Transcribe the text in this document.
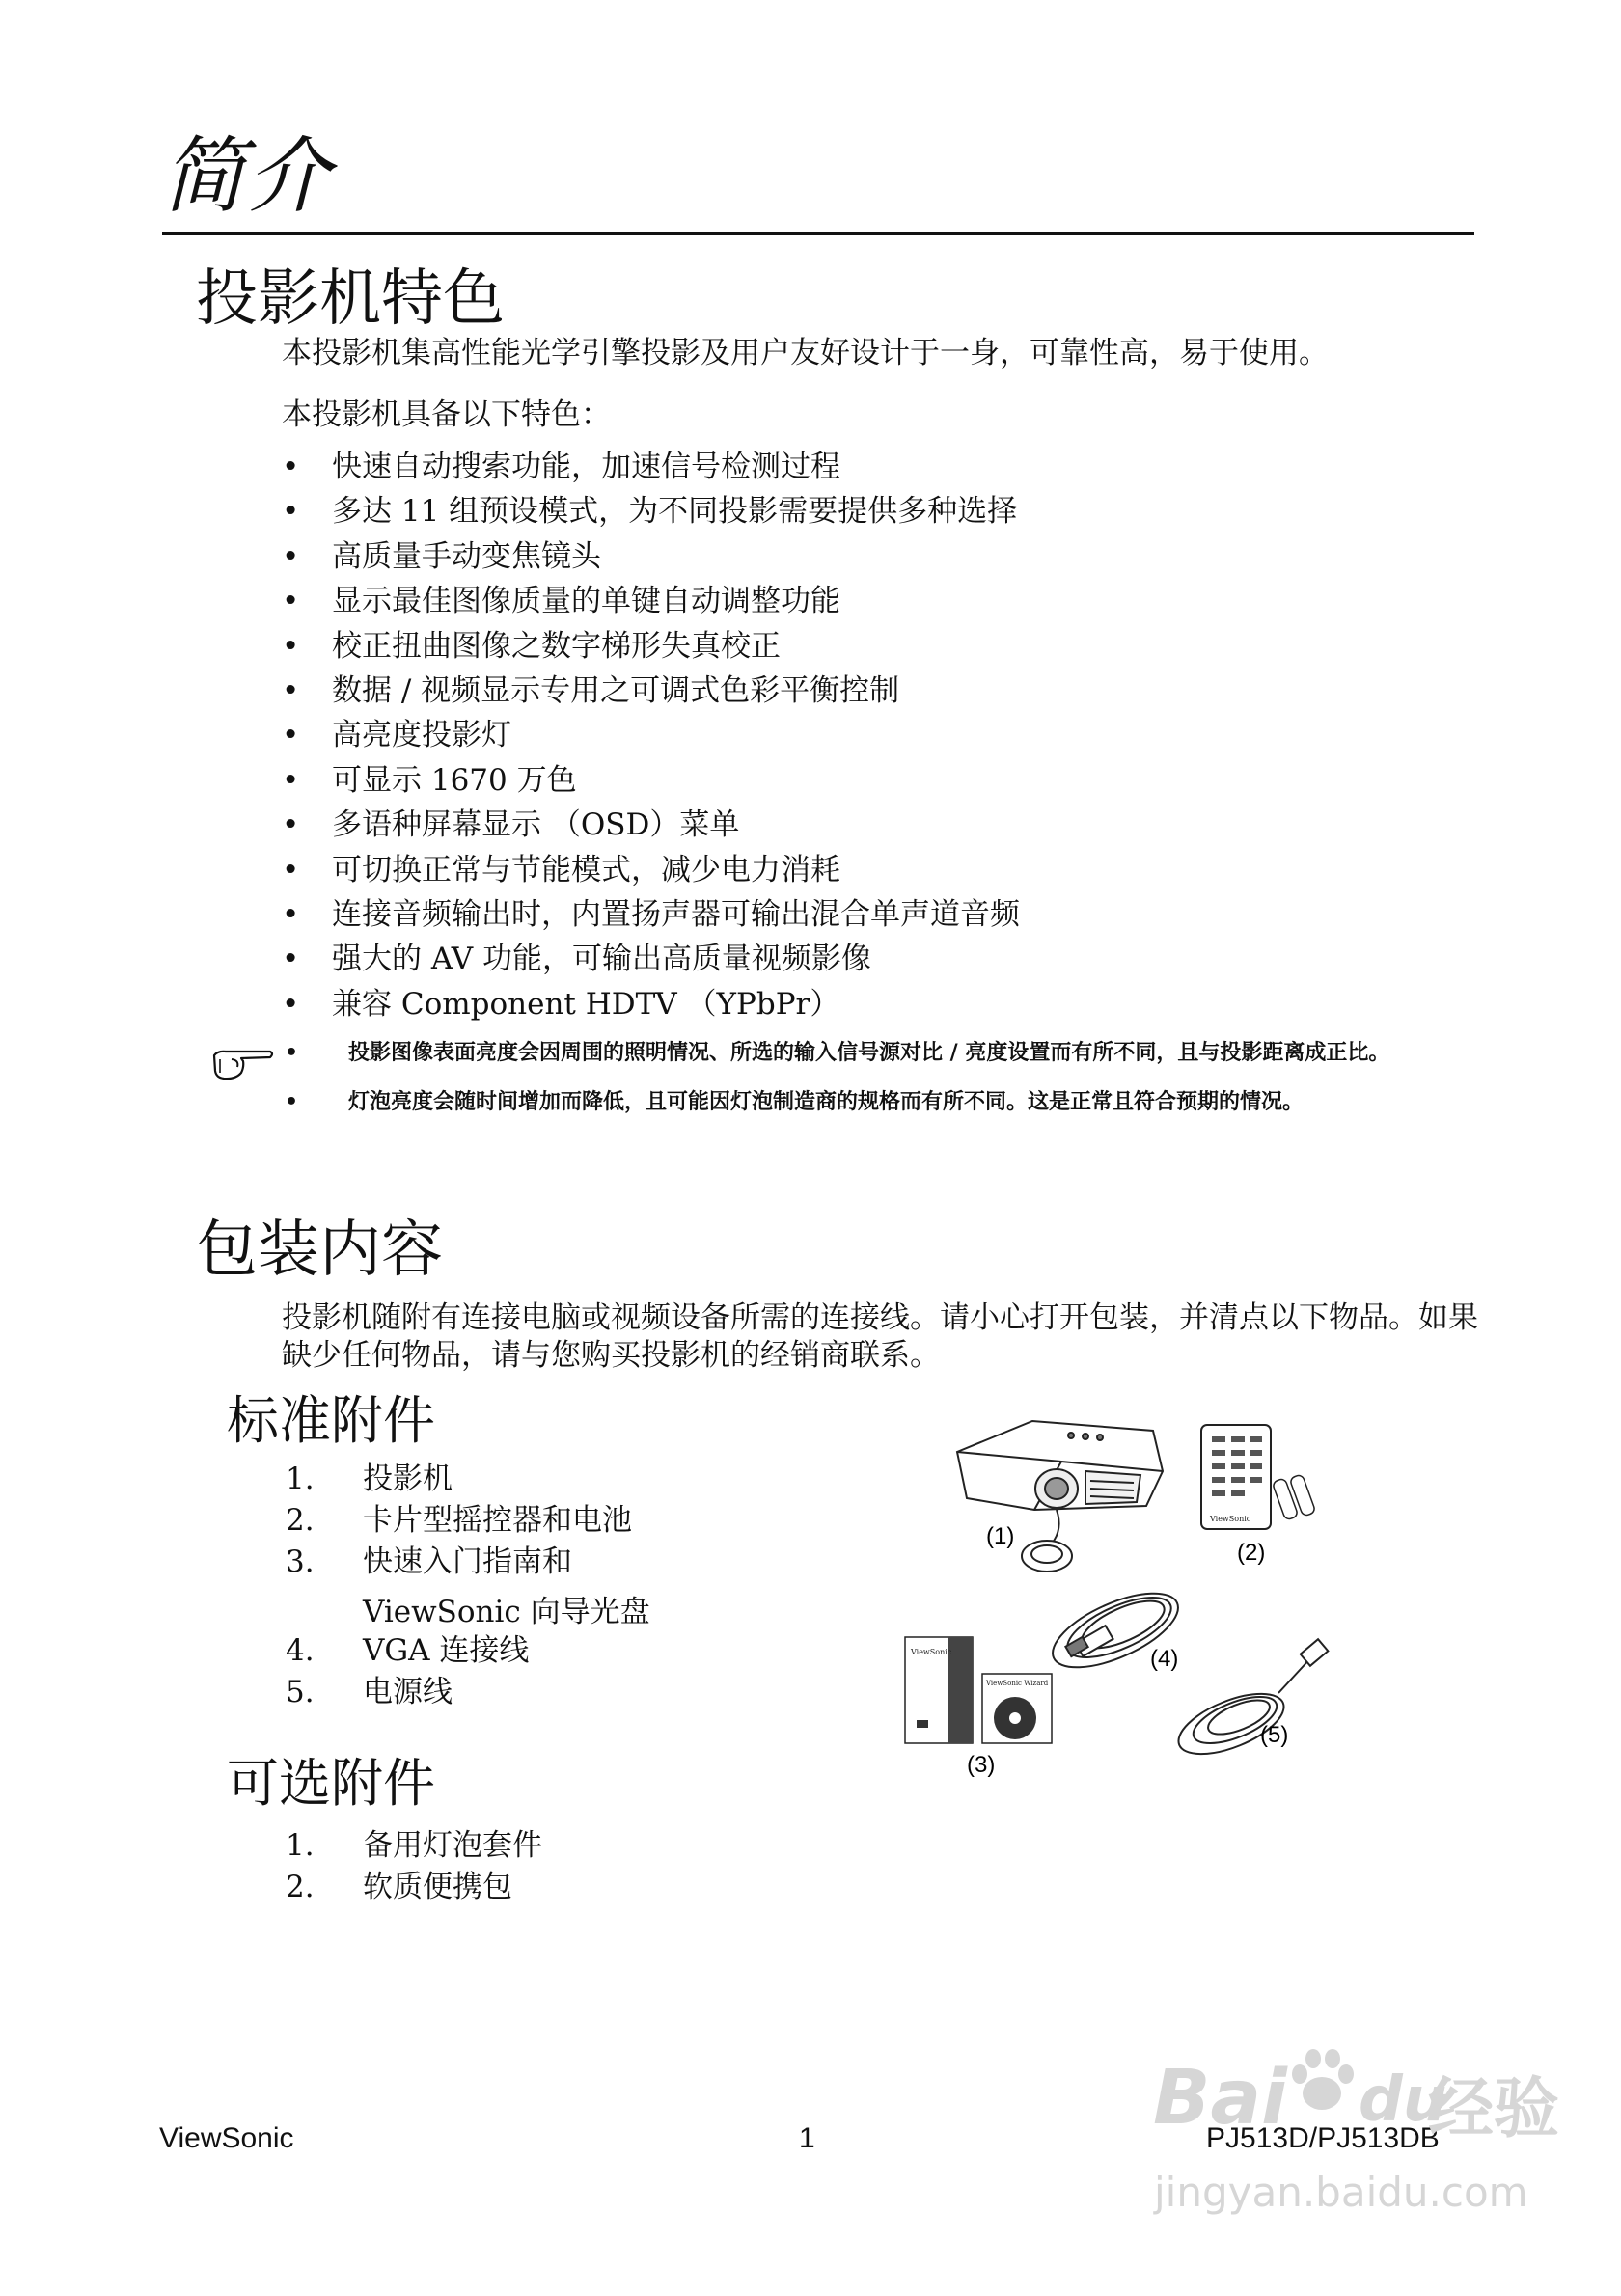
简介
投影机特色
本投影机集高性能光学引擎投影及用户友好设计于一身，可靠性高，易于使用。
本投影机具备以下特色：
• 快速自动搜索功能，加速信号检测过程
• 多达 11 组预设模式，为不同投影需要提供多种选择
• 高质量手动变焦镜头
• 显示最佳图像质量的单键自动调整功能
• 校正扭曲图像之数字梯形失真校正
• 数据 / 视频显示专用之可调式色彩平衡控制
• 高亮度投影灯
• 可显示 1670 万色
• 多语种屏幕显示 （OSD）菜单
• 可切换正常与节能模式，减少电力消耗
• 连接音频输出时，内置扬声器可输出混合单声道音频
• 强大的 AV 功能，可输出高质量视频影像
• 兼容 Component HDTV （YPbPr）
• 投影图像表面亮度会因周围的照明情况、所选的输入信号源对比 / 亮度设置而有所不同，且与投影距离成正比。
• 灯泡亮度会随时间增加而降低，且可能因灯泡制造商的规格而有所不同。这是正常且符合预期的情况。
包装内容
投影机随附有连接电脑或视频设备所需的连接线。请小心打开包装，并清点以下物品。如果缺少任何物品，请与您购买投影机的经销商联系。
标准附件
1. 投影机
2. 卡片型摇控器和电池
3. 快速入门指南和
ViewSonic 向导光盘
4. VGA 连接线
5. 电源线
可选附件
1. 备用灯泡套件
2. 软质便携包
(1)
ViewSonic
(2)
(4)
ViewSonic
ViewSonic Wizard
(3)
(5)
ViewSonic	1	PJ513D/PJ513DB
Bai du
经验
jingyan.baidu.com
